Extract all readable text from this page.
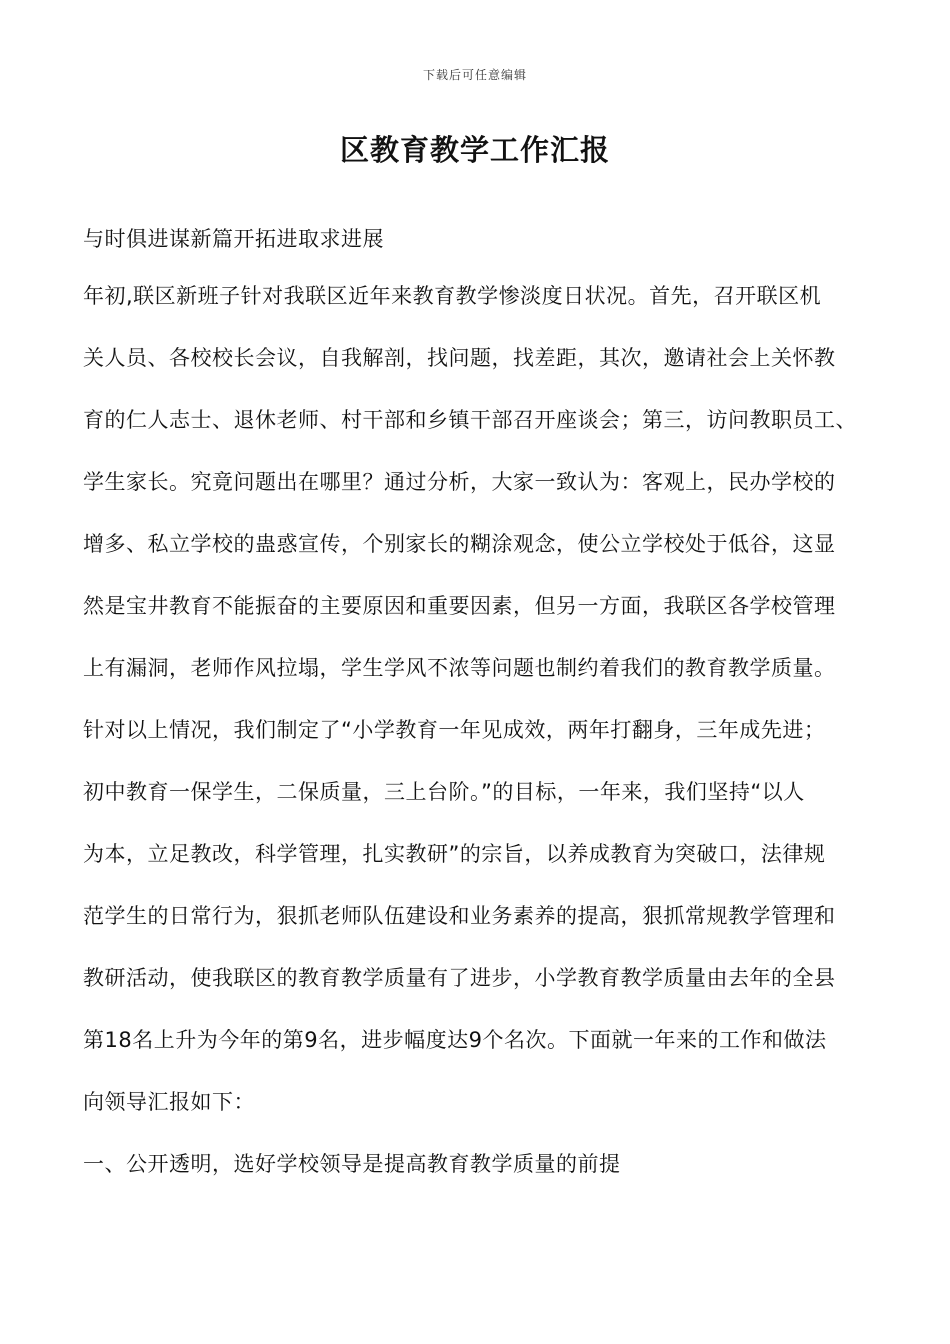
下载后可任意编辑
区教育教学工作汇报
与时俱进谋新篇开拓进取求进展
年初,联区新班子针对我联区近年来教育教学惨淡度日状况。首先，召开联区机
关人员、各校校长会议，自我解剖，找问题，找差距，其次，邀请社会上关怀教
育的仁人志士、退休老师、村干部和乡镇干部召开座谈会；第三，访问教职员工、
学生家长。究竟问题出在哪里？通过分析，大家一致认为：客观上，民办学校的
增多、私立学校的蛊惑宣传，个别家长的糊涂观念，使公立学校处于低谷，这显
然是宝井教育不能振奋的主要原因和重要因素，但另一方面，我联区各学校管理
上有漏洞，老师作风拉塌，学生学风不浓等问题也制约着我们的教育教学质量。
针对以上情况，我们制定了“小学教育一年见成效，两年打翻身，三年成先进；
初中教育一保学生，二保质量，三上台阶。”的目标，一年来，我们坚持“以人
为本，立足教改，科学管理，扎实教研”的宗旨，以养成教育为突破口，法律规
范学生的日常行为，狠抓老师队伍建设和业务素养的提高，狠抓常规教学管理和
教研活动，使我联区的教育教学质量有了进步，小学教育教学质量由去年的全县
第18名上升为今年的第9名，进步幅度达9个名次。下面就一年来的工作和做法
向领导汇报如下：
一、公开透明，选好学校领导是提高教育教学质量的前提
